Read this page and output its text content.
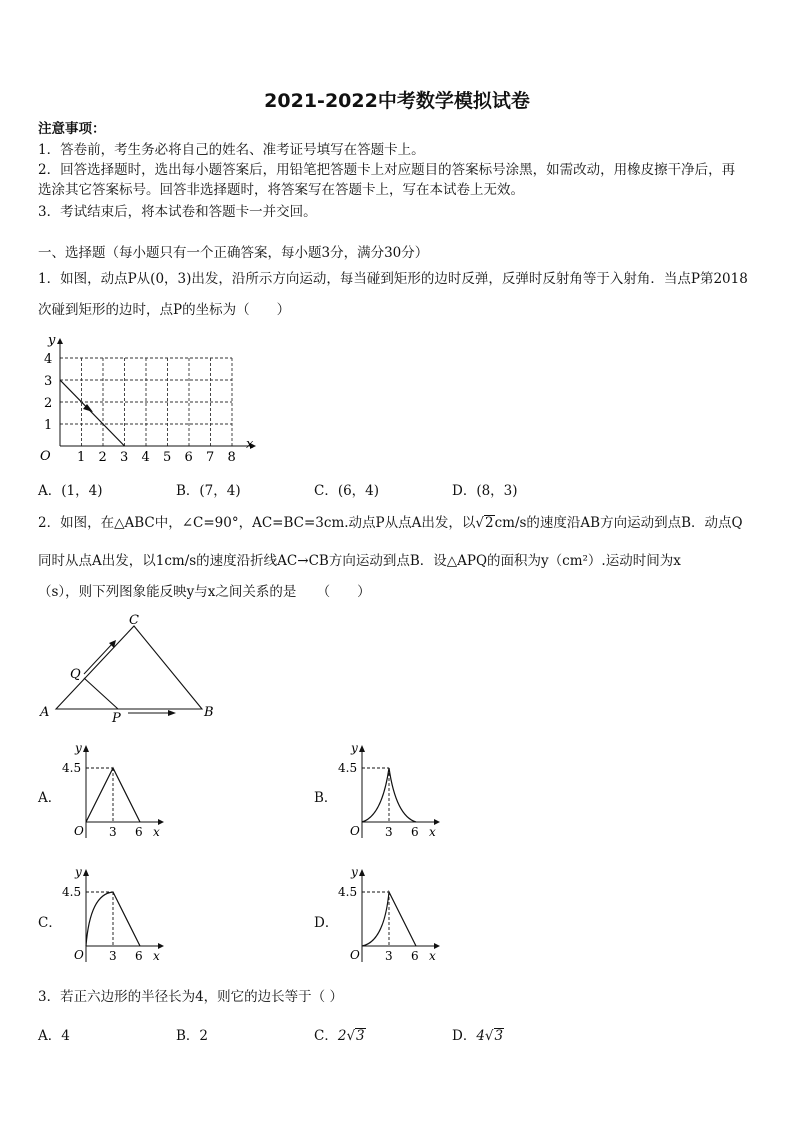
2021-2022中考数学模拟试卷
注意事项：
1．答卷前，考生务必将自己的姓名、准考证号填写在答题卡上。
2．回答选择题时，选出每小题答案后，用铅笔把答题卡上对应题目的答案标号涂黑，如需改动，用橡皮擦干净后，再
选涂其它答案标号。回答非选择题时，将答案写在答题卡上，写在本试卷上无效。
3．考试结束后，将本试卷和答题卡一并交回。
一、选择题（每小题只有一个正确答案，每小题3分，满分30分）
1．如图，动点P从(0，3)出发，沿所示方向运动，每当碰到矩形的边时反弹，反弹时反射角等于入射角．当点P第2018
次碰到矩形的边时，点P的坐标为（　　）
y
x
O
4
3
2
1
1 2 3 4 5 6 7 8
A．(1，4)	B．(7，4)	C．(6，4)	D．(8，3)
2．如图，在△ABC中，∠C=90°，AC=BC=3cm.动点P从点A出发，以√2cm/s的速度沿AB方向运动到点B．动点Q
同时从点A出发，以1cm/s的速度沿折线AC→CB方向运动到点B．设△APQ的面积为y（cm²）.运动时间为x
（s），则下列图象能反映y与x之间关系的是　　（　　）
C
Q
A	P	B
A．	B．
C．	D．
y
4.5
O 3 6 x
y
4.5
O 3 6 x
y
4.5
O 3 6 x
y
4.5
O 3 6 x
3．若正六边形的半径长为4，则它的边长等于（ ）
A．4	B．2	C．2√3	D．4√3
